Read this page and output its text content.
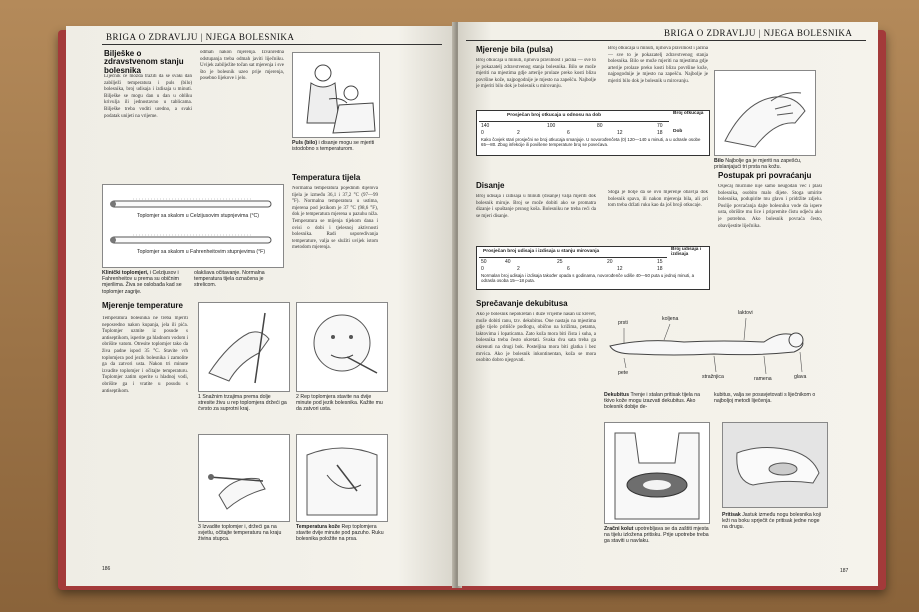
BRIGA O ZDRAVLJU | NJEGA BOLESNIKA
Bilješke o zdravstvenom stanju bolesnika
Liječnik će možda tražiti da se svaki dan zabilježi temperatura i puls (bilo) bolesnika, broj udisaja i izdisaja u minuti. Bilješke se mogu dan u dan u obliku krivulja ili jednostavno u tablicama. Bilješke treba voditi uredno, a svaki podatak unijeti na vrijeme.
odmah nakon mjerenja. Izvanredna odstupanja treba odmah javiti liječniku. Uvijek zabilježite točan sat mjerenja i sve što je bolesnik uzeo prije mjerenja, posebno lijekove i jelo.
Puls (bilo) i disanje mogu se mjeriti istodobno s temperaturom.
Toplomjer sa skalom u Celzijusovim stupnjevima (°C)
Toplomjer sa skalom u Fahrenheitovim stupnjevima (°F)
Klinički toplomjeri, i Celzijusov i Fahrenheitov u prema su običnim mjerilima. Živa se oslobađa kad se toplomjer zagrije.
olakšava očitavanje. Normalna temperatura tijela označena je strelicom.
Temperatura tijela
Normalna temperatura pojedinih dijelova tijela je između 36,1 i 37,2 °C (97—99 °F). Normalna temperatura u ustima, mjerena pod jezikom je 37 °C (98,6 °F), dok je temperatura mjerena u pazuhu niža. Temperatura se mijenja tijekom dana i ovisi o dobi i tjelesnoj aktivnosti bolesnika. Radi usporedivanja temperature, valja se služiti uvijek istom metodom mjerenja.
Mjerenje temperature
Temperatura bolesnika ne treba mjeriti neposredno nakon kupanja, jela ili pića. Toplomjer uzmite iz posude s antiseptikom, isperite ga hladnom vodom i obrišite vatom. Otresite toplomjer tako da živa padne ispod 35 °C. Stavite vrh toplomjera pod jezik bolesnika i zamolite ga da zatvori usta. Nakon tri minute izvadite toplomjer i očitajte temperaturu. Toplomjer zatim operite u hladnoj vodi, obrišite ga i vratite u posudu s antiseptikom.
1 Snažnim trzajima prema dolje stresite živu u rep toplomjera držeći ga čvrsto za suprotni kraj.
2 Rep toplomjera stavite na dvije minute pod jezik bolesnika. Kažite mu da zatvori usta.
3 Izvadite toplomjer i, držeći ga na svjetlu, očitajte temperaturu na kraju živina stupca.
Temperatura kože Rep toplomjera stavite dvije minute pod pazuho. Ruku bolesnika položite na prsa.
186
BRIGA O ZDRAVLJU | NJEGA BOLESNIKA
Mjerenje bila (pulsa)
Broj otkucaja u minuti, njihova pravilnost i jačina — sve to je pokazatelj zdravstvenog stanja bolesnika. Bilo se može mjeriti na mjestima gdje arterije prolaze preko kosti blizu površine kože, najpogodnije je mjesto na zapešću. Najbolje je mjeriti bilo dok je bolesnik u mirovanju.
Prosječan broj otkucaja u odnosu na dob	Broj otkucaja
140	100	80	70
0	2	6	12	18 Dob
Kako čovjek stari prosječni se broj otkucaja smanjuje. U novorođenčeta (0) 120—140 u minuti, a u odrasle osobe 65—80. Zbog infekcije ili povišene temperature broj se povećava.
Broj otkucaja u minuti, njihova pravilnost i jačina — sve to je pokazatelj zdravstvenog stanja bolesnika. Bilo se može mjeriti na mjestima gdje arterije prolaze preko kosti blizu površine kože, najpogodnije je mjesto na zapešću. Najbolje je mjeriti bilo dok je bolesnik u mirovanju.
Bilo Najbolje ga je mjeriti na zapešću, prislanjajući tri prsta na kožu.
Disanje
Broj udisaja i izdisaja u minuti (disanje) valja mjeriti dok bolesnik miruje. Broj se može dobiti ako se promatra dizanje i spuštanje prsnog koša. Bolesniku ne treba reći da se mjeri disanje.
Stoga je bolje da se ovo mjerenje obavlja dok bolesnik spava, ili nakon mjerenja bila, ali pri tom treba držati ruku kao da još broji otkucaje.
Prosječan broj udisaja i izdisaja u stanju mirovanja	Broj udisaja i izdisaja
50	40	25	20	15
0	2	6	12	18
Normalan broj udisaja i izdisaja također opada s godinama, novorođenče udiše 40—50 puta u jednoj minuti, a odrasla osoba 15—18 puta.
Postupak pri povraćanju
Osjećaj mučnine nije samo neugodan već i plaši bolesnika, osobito malo dijete. Stoga umirite bolesnika, podupirite mu glavu i pridržite zdjelu. Poslije povraćanja dajte bolesniku vode da ispere usta, obrišite mu lice i pripremite čistu odjeću ako je potrebno. Ako bolesnik povraća često, obavijestite liječnika.
Sprečavanje dekubitusa
Ako je bolesnik nepokretan i duže vrijeme nasan uz krevet, može dobiti ranu, tzv. dekubitus. One nastaju na mjestima gdje tijelo pritišće podlogu, obično na križima, petama, laktovima i lopaticama. Zato koža mora biti čista i suha, a bolesnika treba često okretati. Svaka dva sata treba ga okrenuti na drugi bok. Posteljina mora biti glatka i bez mrvica. Ako je bolesnik inkontinentan, koža se mora osobito dobro njegovati.
prsti
koljena
laktovi
pete
stražnjica	ramena	glava
Dekubitus Trenje i stalan pritisak tijela na tkivo kože mogu izazvati dekubitus. Ako bolesnik dobije de-
kubitus, valja se posavjetovati s liječnikom o najboljoj metodi liječenja.
Zračni kolut upotrebljava se da zaštiti mjesta na tijelu izložena pritisku. Prije upotrebe treba ga staviti u navlaku.
Pritisak Jastuk između nogu bolesnika koji leži na boku sprječit će pritisak jedne noge na drugu.
187
